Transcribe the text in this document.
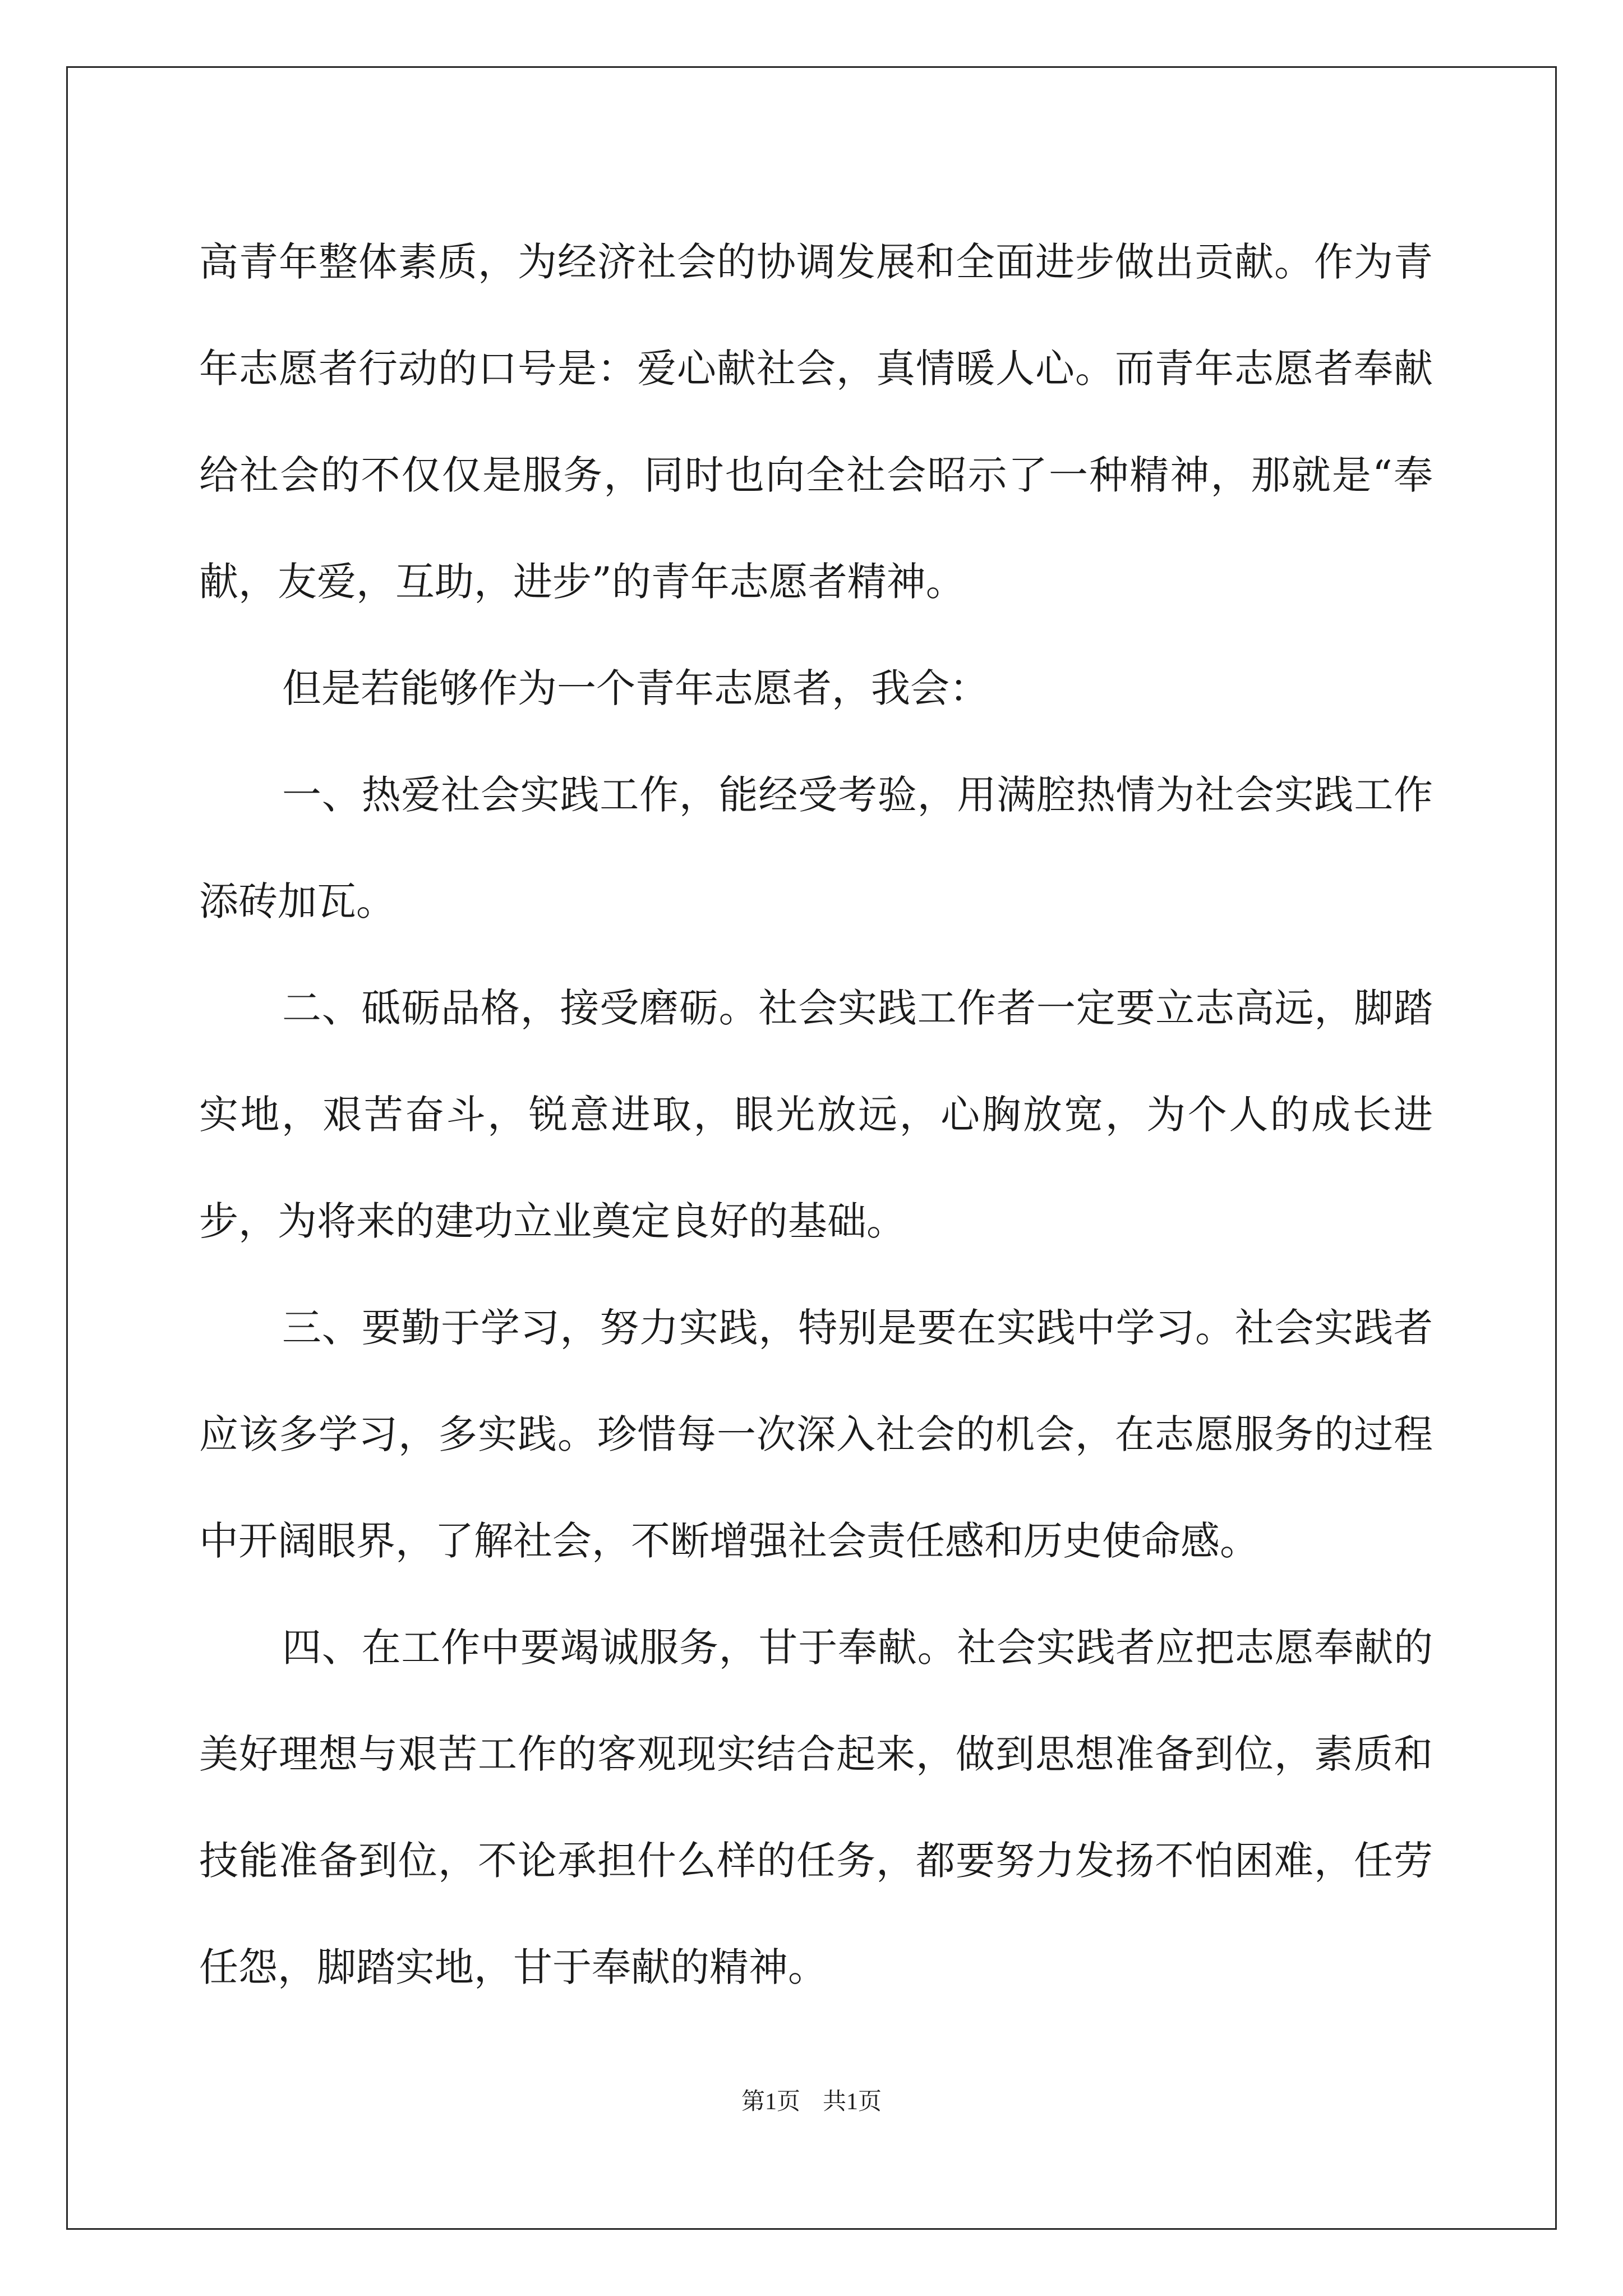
高青年整体素质，为经济社会的协调发展和全面进步做出贡献。作为青年志愿者行动的口号是：爱心献社会，真情暖人心。而青年志愿者奉献给社会的不仅仅是服务，同时也向全社会昭示了一种精神，那就是“奉献，友爱，互助，进步”的青年志愿者精神。

但是若能够作为一个青年志愿者，我会：

一、热爱社会实践工作，能经受考验，用满腔热情为社会实践工作添砖加瓦。

二、砥砺品格，接受磨砺。社会实践工作者一定要立志高远，脚踏实地，艰苦奋斗，锐意进取，眼光放远，心胸放宽，为个人的成长进步，为将来的建功立业奠定良好的基础。

三、要勤于学习，努力实践，特别是要在实践中学习。社会实践者应该多学习，多实践。珍惜每一次深入社会的机会，在志愿服务的过程中开阔眼界，了解社会，不断增强社会责任感和历史使命感。

四、在工作中要竭诚服务，甘于奉献。社会实践者应把志愿奉献的美好理想与艰苦工作的客观现实结合起来，做到思想准备到位，素质和技能准备到位，不论承担什么样的任务，都要努力发扬不怕困难，任劳任怨，脚踏实地，甘于奉献的精神。

第1页 共1页
